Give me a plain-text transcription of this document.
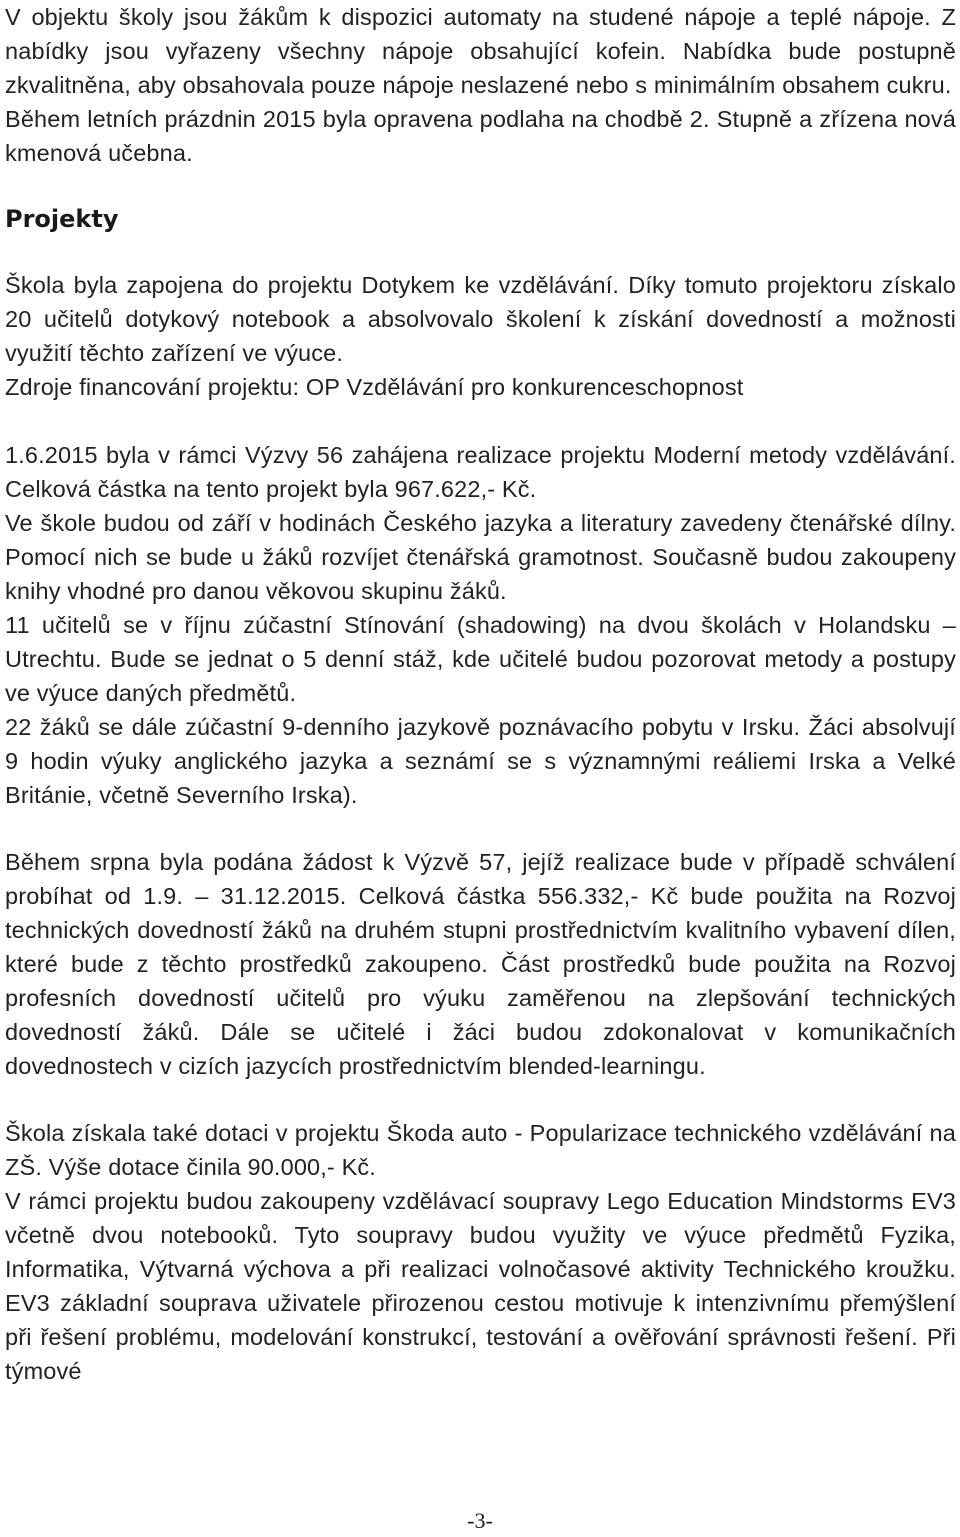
V objektu školy jsou žákům k dispozici automaty na studené nápoje a teplé nápoje. Z nabídky jsou vyřazeny všechny nápoje obsahující kofein. Nabídka bude postupně zkvalitněna, aby obsahovala pouze nápoje neslazené nebo s minimálním obsahem cukru.

Během letních prázdnin 2015 byla opravena podlaha na chodbě 2. Stupně a zřízena nová kmenová učebna.

Projekty

Škola byla zapojena do projektu Dotykem ke vzdělávání. Díky tomuto projektoru získalo 20 učitelů dotykový notebook a absolvovalo školení k získání dovedností a možnosti využití těchto zařízení ve výuce.

Zdroje financování projektu: OP Vzdělávání pro konkurenceschopnost

1.6.2015 byla v rámci Výzvy 56 zahájena realizace projektu Moderní metody vzdělávání. Celková částka na tento projekt byla 967.622,- Kč.

Ve škole budou od září v hodinách Českého jazyka a literatury zavedeny čtenářské dílny. Pomocí nich se bude u žáků rozvíjet čtenářská gramotnost. Současně budou zakoupeny knihy vhodné pro danou věkovou skupinu žáků.

11 učitelů se v říjnu zúčastní Stínování (shadowing) na dvou školách v Holandsku – Utrechtu. Bude se jednat o 5 denní stáž, kde učitelé budou pozorovat metody a postupy ve výuce daných předmětů.

22 žáků se dále zúčastní 9-denního jazykově poznávacího pobytu v Irsku. Žáci absolvují 9 hodin výuky anglického jazyka a seznámí se s významnými reáliemi Irska a Velké Británie, včetně Severního Irska).

Během srpna byla podána žádost k Výzvě 57, jejíž realizace bude v případě schválení probíhat od 1.9. – 31.12.2015. Celková částka 556.332,- Kč bude použita na Rozvoj technických dovedností žáků na druhém stupni prostřednictvím kvalitního vybavení dílen, které bude z těchto prostředků zakoupeno. Část prostředků bude použita na Rozvoj profesních dovedností učitelů pro výuku zaměřenou na zlepšování technických dovedností žáků. Dále se učitelé i žáci budou zdokonalovat v komunikačních dovednostech v cizích jazycích prostřednictvím blended-learningu.

Škola získala také dotaci v projektu Škoda auto - Popularizace technického vzdělávání na ZŠ. Výše dotace činila 90.000,- Kč.

V rámci projektu budou zakoupeny vzdělávací soupravy Lego Education Mindstorms EV3 včetně dvou notebooků. Tyto soupravy budou využity ve výuce předmětů Fyzika, Informatika, Výtvarná výchova a při realizaci volnočasové aktivity Technického kroužku. EV3 základní souprava uživatele přirozenou cestou motivuje k intenzivnímu přemýšlení při řešení problému, modelování konstrukcí, testování a ověřování správnosti řešení. Při týmové

-3-
